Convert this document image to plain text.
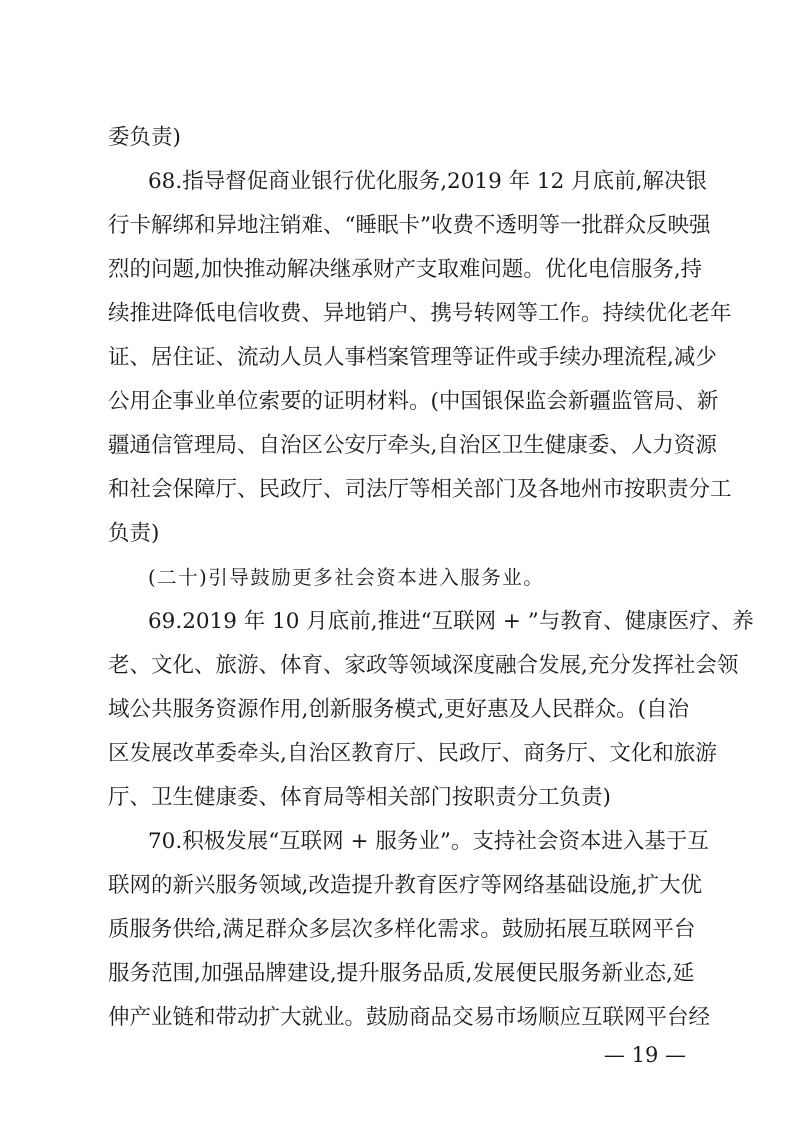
委负责)
68.指导督促商业银行优化服务,2019 年 12 月底前,解决银
行卡解绑和异地注销难、“睡眠卡”收费不透明等一批群众反映强
烈的问题,加快推动解决继承财产支取难问题。优化电信服务,持
续推进降低电信收费、异地销户、携号转网等工作。持续优化老年
证、居住证、流动人员人事档案管理等证件或手续办理流程,减少
公用企事业单位索要的证明材料。(中国银保监会新疆监管局、新
疆通信管理局、自治区公安厅牵头,自治区卫生健康委、人力资源
和社会保障厅、民政厅、司法厅等相关部门及各地州市按职责分工
负责)
(二十)引导鼓励更多社会资本进入服务业。
69.2019 年 10 月底前,推进“互联网 + ”与教育、健康医疗、养
老、文化、旅游、体育、家政等领域深度融合发展,充分发挥社会领
域公共服务资源作用,创新服务模式,更好惠及人民群众。(自治
区发展改革委牵头,自治区教育厅、民政厅、商务厅、文化和旅游
厅、卫生健康委、体育局等相关部门按职责分工负责)
70.积极发展“互联网 + 服务业”。支持社会资本进入基于互
联网的新兴服务领域,改造提升教育医疗等网络基础设施,扩大优
质服务供给,满足群众多层次多样化需求。鼓励拓展互联网平台
服务范围,加强品牌建设,提升服务品质,发展便民服务新业态,延
伸产业链和带动扩大就业。鼓励商品交易市场顺应互联网平台经
— 19 —
